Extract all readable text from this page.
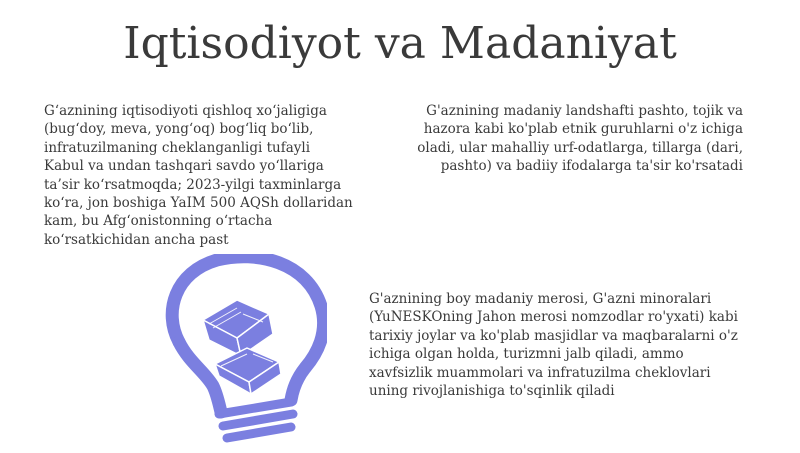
Iqtisodiyot va Madaniyat

G‘aznining iqtisodiyoti qishloq xo‘jaligiga (bug‘doy, meva, yong‘oq) bog‘liq bo‘lib, infratuzilmaning cheklanganligi tufayli Kabul va undan tashqari savdo yo‘llariga ta’sir ko‘rsatmoqda; 2023-yilgi taxminlarga ko‘ra, jon boshiga YaIM 500 AQSh dollaridan kam, bu Afg‘onistonning o‘rtacha ko‘rsatkichidan ancha past

G'aznining madaniy landshafti pashto, tojik va hazora kabi ko'plab etnik guruhlarni o'z ichiga oladi, ular mahalliy urf-odatlarga, tillarga (dari, pashto) va badiiy ifodalarga ta'sir ko'rsatadi

G'aznining boy madaniy merosi, G'azni minoralari (YuNESKOning Jahon merosi nomzodlar ro'yxati) kabi tarixiy joylar va ko'plab masjidlar va maqbaralarni o'z ichiga olgan holda, turizmni jalb qiladi, ammo xavfsizlik muammolari va infratuzilma cheklovlari uning rivojlanishiga to'sqinlik qiladi
